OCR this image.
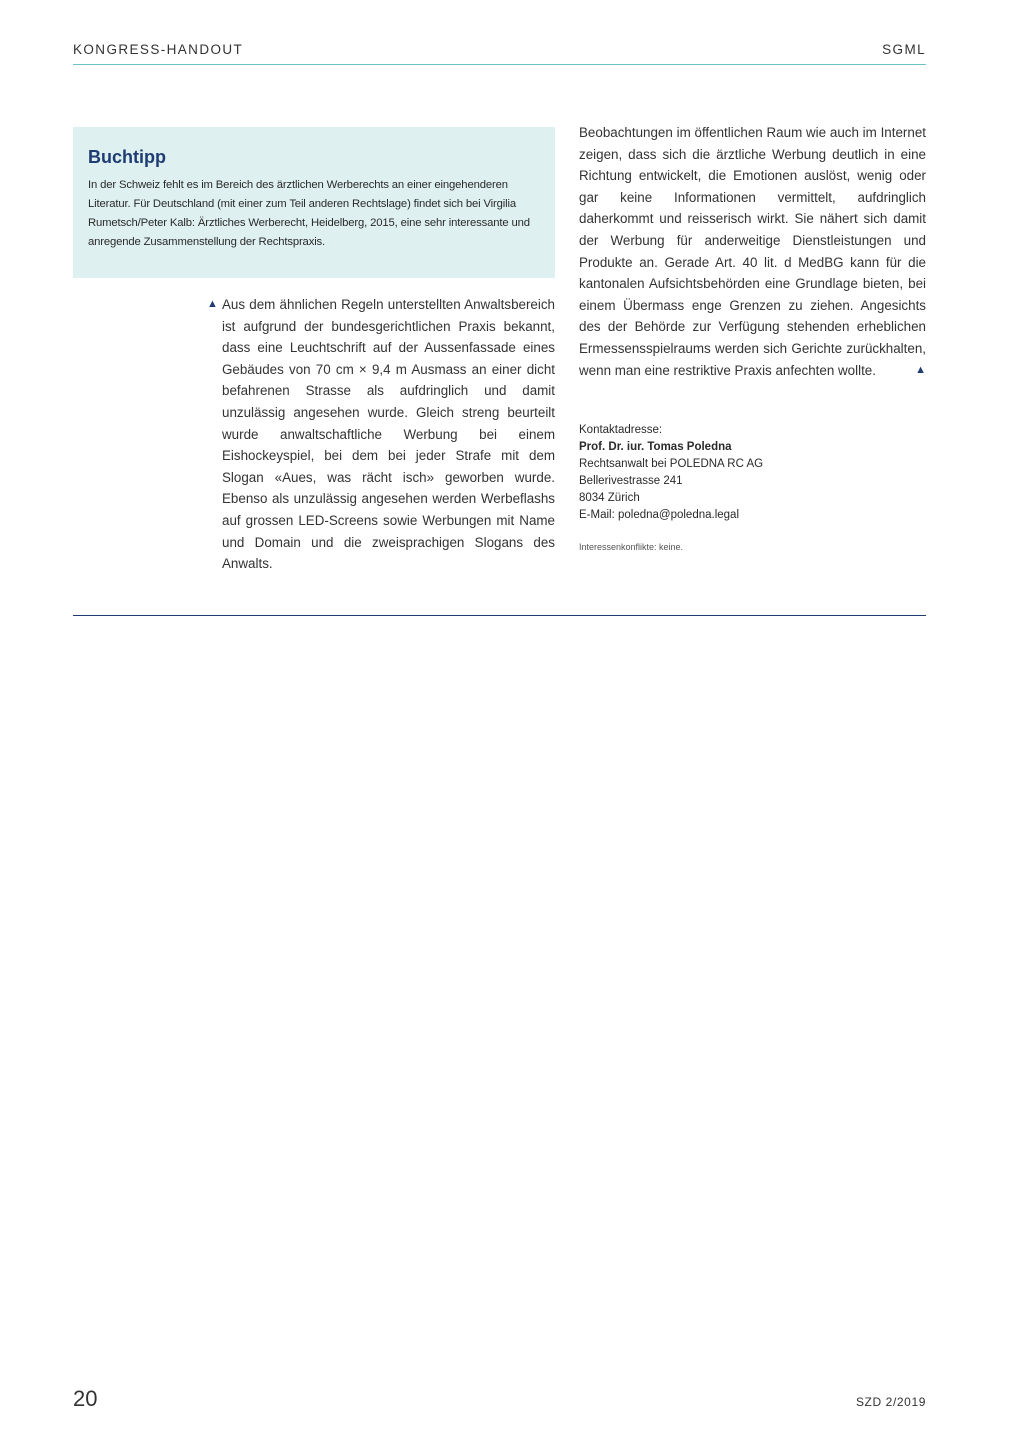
KONGRESS-HANDOUT	SGML
Buchtipp

In der Schweiz fehlt es im Bereich des ärztlichen Werberechts an einer eingehenderen Literatur. Für Deutschland (mit einer zum Teil anderen Rechtslage) findet sich bei Virgilia Rumetsch/Peter Kalb: Ärztliches Werberecht, Heidelberg, 2015, eine sehr interessante und anregende Zusammenstellung der Rechtspraxis.

▲ Aus dem ähnlichen Regeln unterstellten Anwaltsbereich ist aufgrund der bundesgerichtlichen Praxis bekannt, dass eine Leuchtschrift auf der Aussenfassade eines Gebäudes von 70 cm × 9,4 m Ausmass an einer dicht befahrenen Strasse als aufdringlich und damit unzulässig angesehen wurde. Gleich streng beurteilt wurde anwaltschaftliche Werbung bei einem Eishockeyspiel, bei dem bei jeder Strafe mit dem Slogan «Aues, was rächt isch» geworben wurde. Ebenso als unzulässig angesehen werden Werbeflashs auf grossen LED-Screens sowie Werbungen mit Name und Domain und die zweisprachigen Slogans des Anwalts.
Beobachtungen im öffentlichen Raum wie auch im Internet zeigen, dass sich die ärztliche Werbung deutlich in eine Richtung entwickelt, die Emotionen auslöst, wenig oder gar keine Informationen vermittelt, aufdringlich daherkommt und reisserisch wirkt. Sie nähert sich damit der Werbung für anderweitige Dienstleistungen und Produkte an. Gerade Art. 40 lit. d MedBG kann für die kantonalen Aufsichtsbehörden eine Grundlage bieten, bei einem Übermass enge Grenzen zu ziehen. Angesichts des der Behörde zur Verfügung stehenden erheblichen Ermessensspielraums werden sich Gerichte zurückhalten, wenn man eine restriktive Praxis anfechten wollte.	▲
Kontaktadresse:
Prof. Dr. iur. Tomas Poledna
Rechtsanwalt bei POLEDNA RC AG
Bellerivestrasse 241
8034 Zürich
E-Mail: poledna@poledna.legal
Interessenkonflikte: keine.
20	SZD 2/2019
